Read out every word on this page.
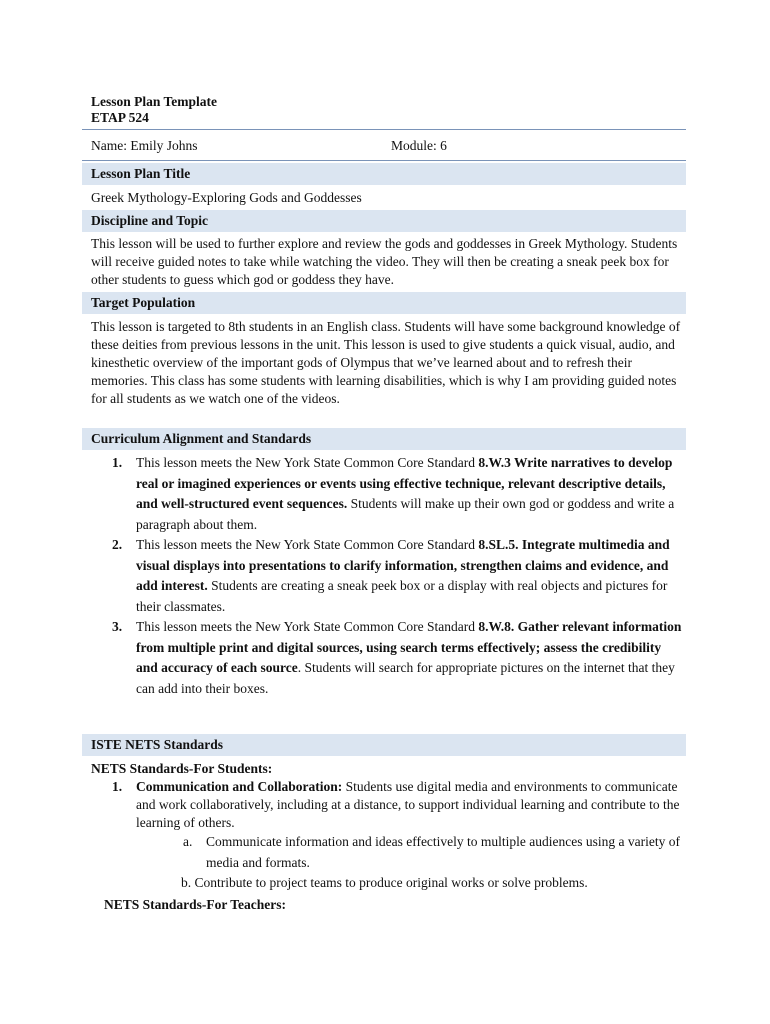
Lesson Plan Template
ETAP 524
Name: Emily Johns	Module: 6
Lesson Plan Title
Greek Mythology-Exploring Gods and Goddesses
Discipline and Topic
This lesson will be used to further explore and review the gods and goddesses in Greek Mythology. Students will receive guided notes to take while watching the video. They will then be creating a sneak peek box for other students to guess which god or goddess they have.
Target Population
This lesson is targeted to 8th students in an English class. Students will have some background knowledge of these deities from previous lessons in the unit. This lesson is used to give students a quick visual, audio, and kinesthetic overview of the important gods of Olympus that we’ve learned about and to refresh their memories. This class has some students with learning disabilities, which is why I am providing guided notes for all students as we watch one of the videos.
Curriculum Alignment and Standards
1. This lesson meets the New York State Common Core Standard 8.W.3 Write narratives to develop real or imagined experiences or events using effective technique, relevant descriptive details, and well-structured event sequences. Students will make up their own god or goddess and write a paragraph about them.
2. This lesson meets the New York State Common Core Standard 8.SL.5. Integrate multimedia and visual displays into presentations to clarify information, strengthen claims and evidence, and add interest. Students are creating a sneak peek box or a display with real objects and pictures for their classmates.
3. This lesson meets the New York State Common Core Standard 8.W.8. Gather relevant information from multiple print and digital sources, using search terms effectively; assess the credibility and accuracy of each source. Students will search for appropriate pictures on the internet that they can add into their boxes.
ISTE NETS Standards
NETS Standards-For Students:
1.	Communication and Collaboration: Students use digital media and environments to communicate and work collaboratively, including at a distance, to support individual learning and contribute to the learning of others.
a.	Communicate information and ideas effectively to multiple audiences using a variety of media and formats.
b. Contribute to project teams to produce original works or solve problems.
NETS Standards-For Teachers:
